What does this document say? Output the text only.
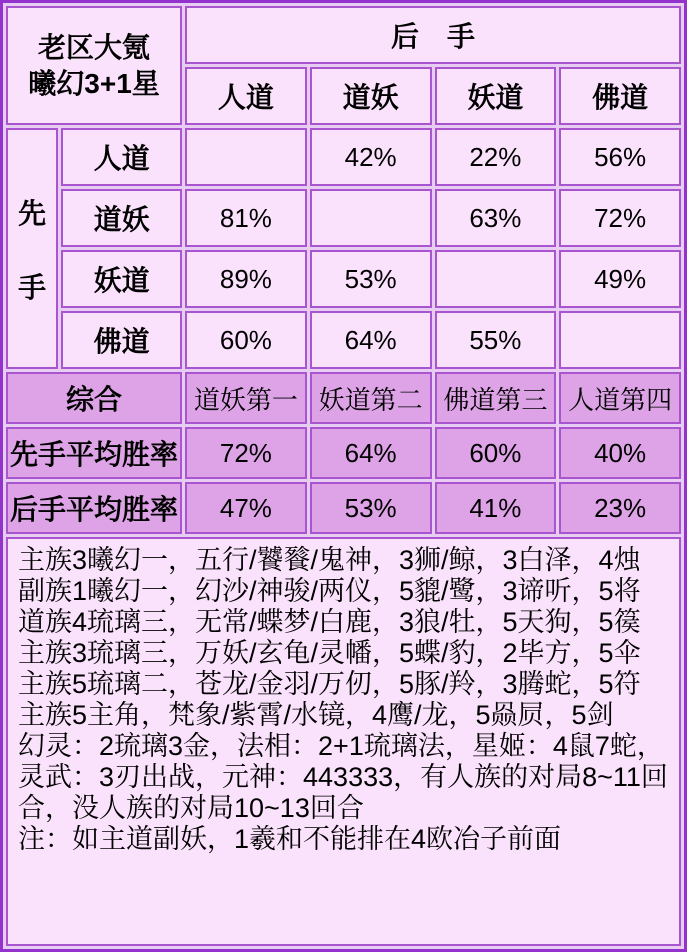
老区大氪
曦幻3+1星		后　手			
		人道	道妖	妖道	佛道

先
手	人道		42%	22%	56%
	道妖	81%		63%	72%
	妖道	89%	53%		49%
	佛道	60%	64%	55%	
综合		道妖第一	妖道第二	佛道第三	人道第四
先手平均胜率		72%	64%	60%	40%
后手平均胜率		47%	53%	41%	23%

主族3曦幻一，五行/饕餮/鬼神，3狮/鲸，3白泽，4烛
副族1曦幻一，幻沙/神骏/两仪，5貔/鹭，3谛听，5将
道族4琉璃三，无常/蝶梦/白鹿，3狼/牡，5天狗，5篌
主族3琉璃三，万妖/玄龟/灵幡，5蝶/豹，2毕方，5伞
主族5琉璃二，苍龙/金羽/万仞，5豚/羚，3腾蛇，5符
主族5主角，梵象/紫霄/水镜，4鹰/龙，5赑屃，5剑
幻灵：2琉璃3金，法相：2+1琉璃法，星姬：4鼠7蛇，灵武：3刃出战，元神：443333，有人族的对局8~11回合，没人族的对局10~13回合
注：如主道副妖，1羲和不能排在4欧冶子前面
